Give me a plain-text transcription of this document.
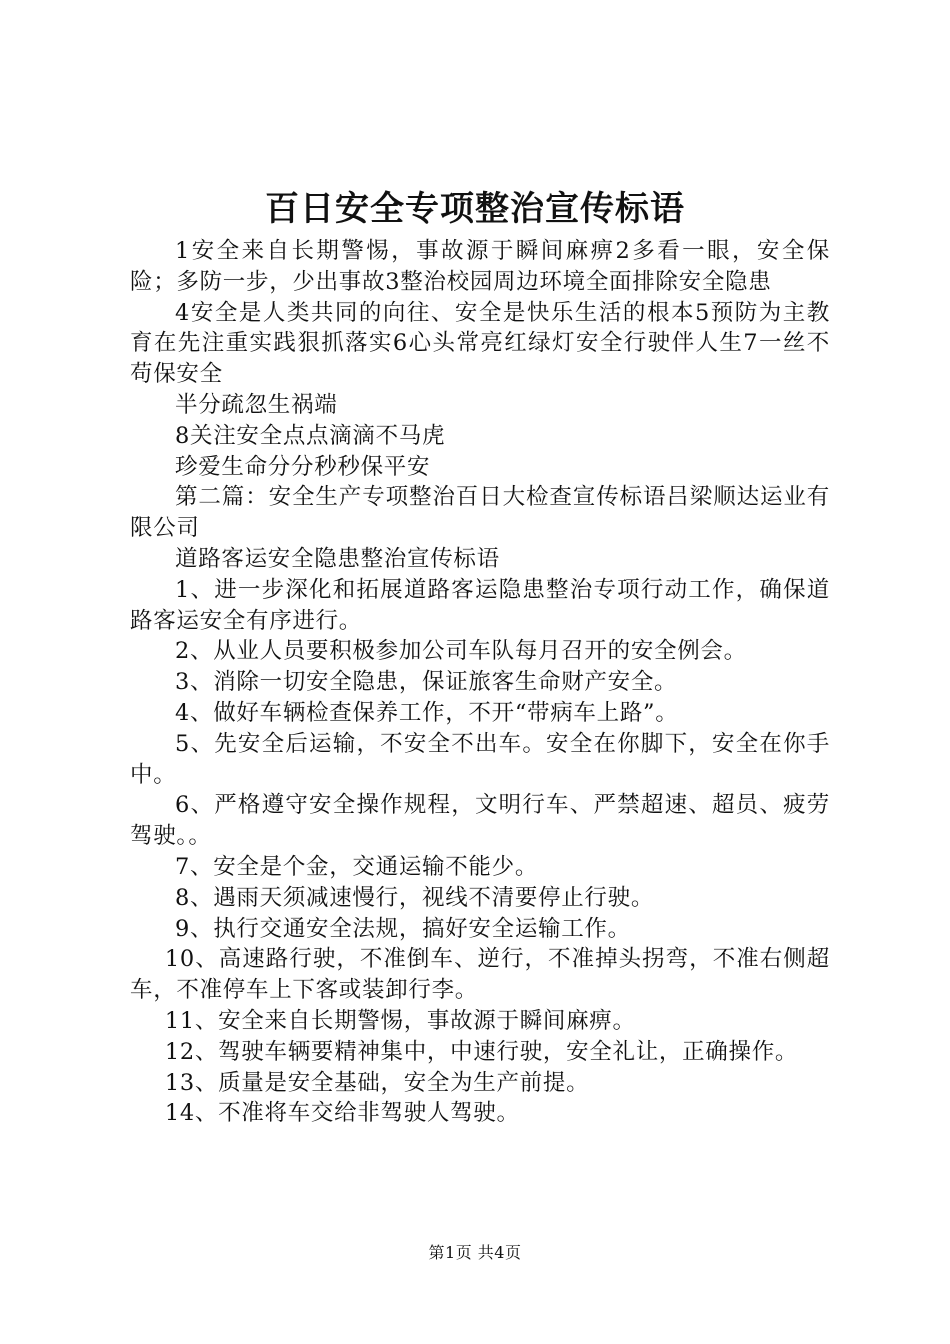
百日安全专项整治宣传标语

1安全来自长期警惕，事故源于瞬间麻痹2多看一眼，安全保险；多防一步，少出事故3整治校园周边环境全面排除安全隐患

4安全是人类共同的向往、安全是快乐生活的根本5预防为主教育在先注重实践狠抓落实6心头常亮红绿灯安全行驶伴人生7一丝不苟保安全

半分疏忽生祸端

8关注安全点点滴滴不马虎

珍爱生命分分秒秒保平安

第二篇：安全生产专项整治百日大检查宣传标语吕梁顺达运业有限公司

道路客运安全隐患整治宣传标语

1、进一步深化和拓展道路客运隐患整治专项行动工作，确保道路客运安全有序进行。

2、从业人员要积极参加公司车队每月召开的安全例会。

3、消除一切安全隐患，保证旅客生命财产安全。

4、做好车辆检查保养工作，不开“带病车上路”。

5、先安全后运输，不安全不出车。安全在你脚下，安全在你手中。

6、严格遵守安全操作规程，文明行车、严禁超速、超员、疲劳驾驶。。

7、安全是个金，交通运输不能少。

8、遇雨天须减速慢行，视线不清要停止行驶。

9、执行交通安全法规，搞好安全运输工作。

10、高速路行驶，不准倒车、逆行，不准掉头拐弯，不准右侧超车，不准停车上下客或装卸行李。

11、安全来自长期警惕，事故源于瞬间麻痹。

12、驾驶车辆要精神集中，中速行驶，安全礼让，正确操作。

13、质量是安全基础，安全为生产前提。

14、不准将车交给非驾驶人驾驶。

第1页 共4页
